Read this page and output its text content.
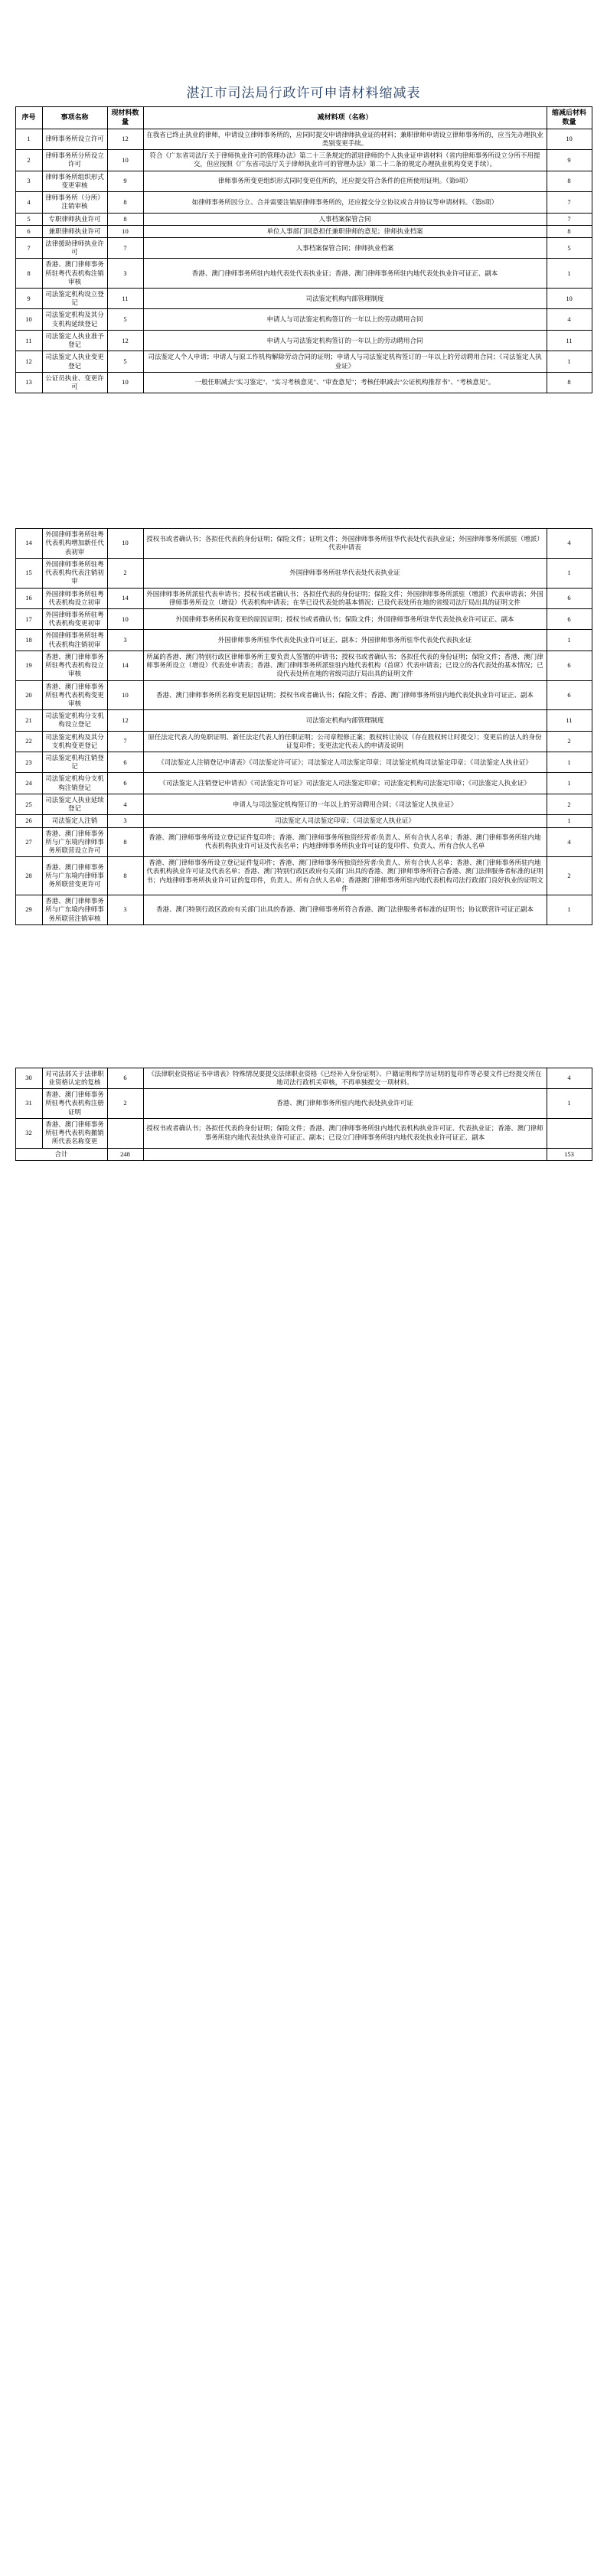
湛江市司法局行政许可申请材料缩减表
序号	事项名称	现材料数量	减材料项（名称）	缩减后材料数量
1	律师事务所设立许可	12	在我省已终止执业的律师，申请设立律师事务所的，应同时提交申请律师执业证的材料；兼职律师申请设立律师事务所的，应当先办理执业类别变更手续。	10
2	律师事务所分所设立许可	10	符合《广东省司法厅关于律师执业许可的管理办法》第二十三条规定的派驻律师的个人执业证申请材料（省内律师事务所设立分所不用提交，但应按照《广东省司法厅关于律师执业许可的管理办法》第二十二条的规定办理执业机构变更手续）。	9
3	律师事务所组织形式变更审核	9	律师事务所变更组织形式同时变更住所的，还应提交符合条件的住所使用证明。（第9项）	8
4	律师事务所（分所）注销审核	8	如律师事务所因分立、合并需要注销原律师事务所的，还应提交分立协议或合并协议等申请材料。（第8项）	7
5	专职律师执业许可	8	人事档案保管合同	7
6	兼职律师执业许可	10	单位人事部门同意担任兼职律师的意见；律师执业档案	8
7	法律援助律师执业许可	7	人事档案保管合同；律师执业档案	5
8	香港、澳门律师事务所驻粤代表机构注销审核	3	香港、澳门律师事务所驻内地代表处代表执业证；香港、澳门律师事务所驻内地代表处执业许可证正、副本	1
9	司法鉴定机构设立登记	11	司法鉴定机构内部管理制度	10
10	司法鉴定机构及其分支机构延续登记	5	申请人与司法鉴定机构签订的一年以上的劳动聘用合同	4
11	司法鉴定人执业准予登记	12	申请人与司法鉴定机构签订的一年以上的劳动聘用合同	11
12	司法鉴定人执业变更登记	5	司法鉴定人个人申请；申请人与原工作机构解除劳动合同的证明；申请人与司法鉴定机构签订的一年以上的劳动聘用合同；《司法鉴定人执业证》	1
13	公证员执业、变更许可	10	一般任职减去"实习鉴定"、"实习考核意见"、"审查意见"；考核任职减去"公证机构推荐书"、"考核意见"。	8
14	外国律师事务所驻粤代表机构增加新任代表初审	10	授权书或者确认书；各拟任代表的身份证明；保险文件；证明文件；外国律师事务所驻华代表处代表执业证；外国律师事务所派驻（增派）代表申请表	4
15	外国律师事务所驻粤代表机构代表注销初审	2	外国律师事务所驻华代表处代表执业证	1
16	外国律师事务所驻粤代表机构设立初审	14	外国律师事务所派驻代表申请书；授权书或者确认书；各拟任代表的身份证明；保险文件；外国律师事务所派驻（增派）代表申请表；外国律师事务所设立（增设）代表机构申请表；在华已设代表处的基本情况；已设代表处所在地的省级司法厅局出具的证明文件	6
17	外国律师事务所驻粤代表机构变更初审	10	外国律师事务所民称变更的原因证明；授权书或者确认书；保险文件；外国律师事务所驻华代表处执业许可证正、副本	6
18	外国律师事务所驻粤代表机构注销初审	3	外国律师事务所驻华代表处执业许可证正、副本；外国律师事务所驻华代表处代表执业证	1
19	香港、澳门律师事务所驻粤代表机构设立审核	14	所属的香港、澳门特别行政区律师事务所主要负责人签署的申请书；授权书或者确认书；各拟任代表的身份证明；保险文件；香港、澳门律师事务所设立（增设）代表处申请表；香港、澳门律师事务所派驻驻内地代表机构（首席）代表申请表；已设立的各代表处的基本情况；已设代表处所在地的省级司法厅局出具的证明文件	6
20	香港、澳门律师事务所驻粤代表机构变更审核	10	香港、澳门律师事务所名称变更原因证明；授权书或者确认书；保险文件；香港、澳门律师事务所驻内地代表处执业许可证正、副本	6
21	司法鉴定机构分支机构设立登记	12	司法鉴定机构内部管理制度	11
22	司法鉴定机构及其分支机构变更登记	7	原任法定代表人的免职证明、新任法定代表人的任职证明；公司章程修正案；股权转让协议（存在股权转让时提交）；变更后的法人的身份证复印件；变更法定代表人的申请及说明	2
23	司法鉴定机构注销登记	6	《司法鉴定人注销登记申请表》《司法鉴定许可证》；司法鉴定人司法鉴定印章；司法鉴定机构司法鉴定印章；《司法鉴定人执业证》	1
24	司法鉴定机构分支机构注销登记	6	《司法鉴定人注销登记申请表》《司法鉴定许可证》司法鉴定人司法鉴定印章；司法鉴定机构司法鉴定印章；《司法鉴定人执业证》	1
25	司法鉴定人执业延续登记	4	申请人与司法鉴定机构签订的一年以上的劳动聘用合同；《司法鉴定人执业证》	2
26	司法鉴定人注销	3	司法鉴定人司法鉴定印章；《司法鉴定人执业证》	1
27	香港、澳门律师事务所与广东境内律师事务所联营设立许可	8	香港、澳门律师事务所设立登记证件复印件；香港、澳门律师事务所独资经营者/负责人、所有合伙人名单；香港、澳门律师事务所驻内地代表机构执业许可证及代表名单；内地律师事务所执业许可证的复印件、负责人、所有合伙人名单	4
28	香港、澳门律师事务所与广东境内律师事务所联营变更许可	8	香港、澳门律师事务所设立登记证件复印件；香港、澳门律师事务所独资经营者/负责人、所有合伙人名单；香港、澳门律师事务所驻内地代表机构执业许可证及代表名单；香港、澳门特别行政区政府有关部门出具的香港、澳门律师事务所符合香港、澳门法律服务者标准的证明书；内地律师事务所执业许可证的复印件，负责人、所有合伙人名单；香港澳门律师事务所驻内地代表机构司法行政部门良好执业的证明文件	2
29	香港、澳门律师事务所与广东境内律师事务所联营注销审核	3	香港、澳门特别行政区政府有关部门出具的香港、澳门律师事务所符合香港、澳门法律服务者标准的证明书；协议联营许可证正副本	1
30	对司法部关于法律职业资格认定的复核	6	《法律职业资格证书申请表》特殊情况要提交法律职业资格《已经补入身份证明》、户籍证明和学历证明的复印件等必要文件已经提交所在地司法行政机关审核，不再单独提交一项材料。	4
31	香港、澳门律师事务所驻粤代表机构注册证明	2	香港、澳门律师事务所驻内地代表处执业许可证	1
32	香港、澳门律师事务所驻粤代表机构撤销所代表名称变更		授权书或者确认书；各拟任代表的身份证明；保险文件；香港、澳门律师事务所驻内地代表机构执业许可证、代表执业证；香港、澳门律师事务所驻内地代表处执业许可证正、副本；已设立门律师事务所驻内地代表处执业许可证正、副本	
合计		248		153
